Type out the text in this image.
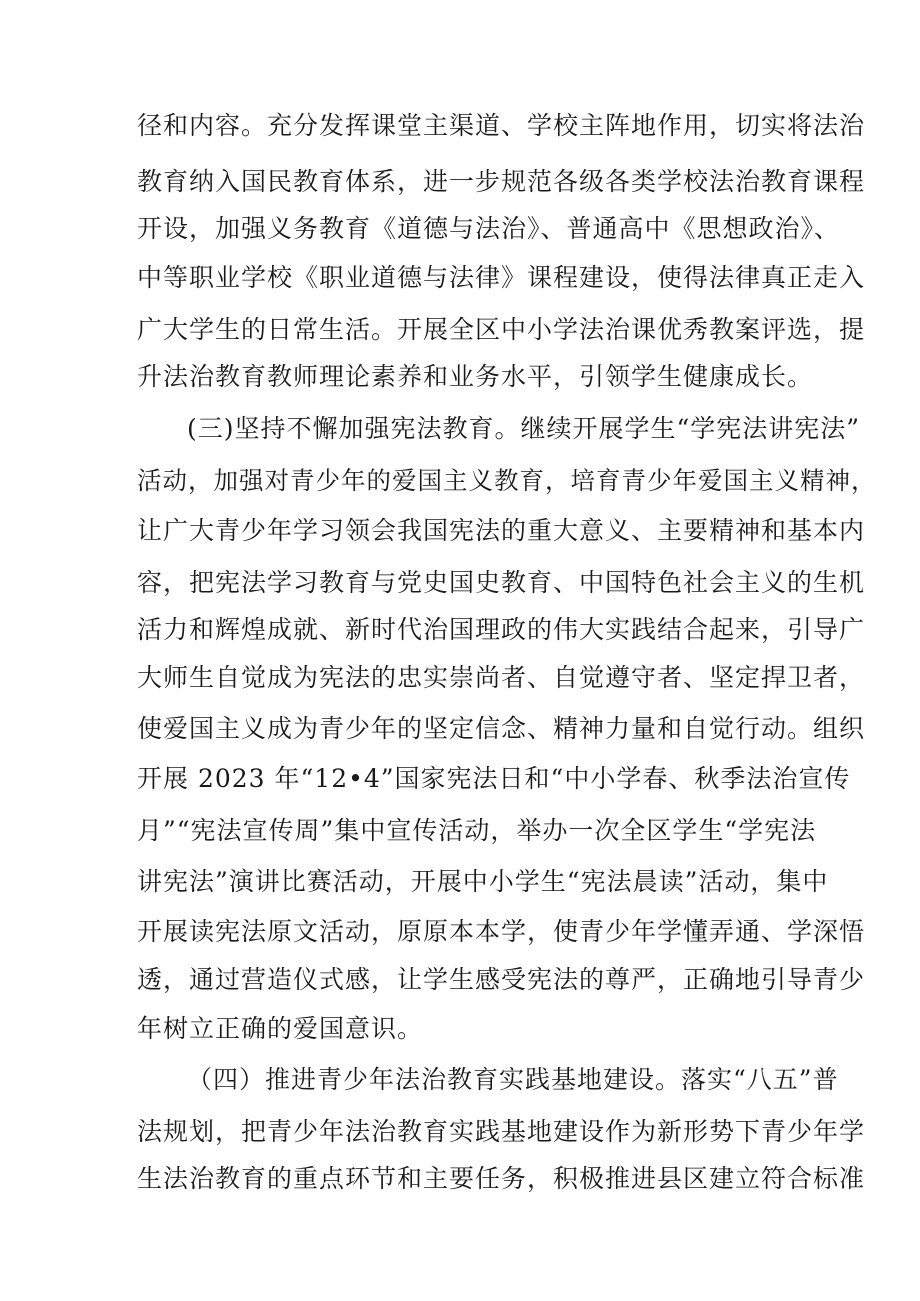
径和内容。充分发挥课堂主渠道、学校主阵地作用，切实将法治

教育纳入国民教育体系，进一步规范各级各类学校法治教育课程

开设，加强义务教育《道德与法治》、普通高中《思想政治》、

中等职业学校《职业道德与法律》课程建设，使得法律真正走入

广大学生的日常生活。开展全区中小学法治课优秀教案评选，提

升法治教育教师理论素养和业务水平，引领学生健康成长。

(三)坚持不懈加强宪法教育。继续开展学生“学宪法讲宪法”

活动，加强对青少年的爱国主义教育，培育青少年爱国主义精神，

让广大青少年学习领会我国宪法的重大意义、主要精神和基本内

容，把宪法学习教育与党史国史教育、中国特色社会主义的生机

活力和辉煌成就、新时代治国理政的伟大实践结合起来，引导广

大师生自觉成为宪法的忠实崇尚者、自觉遵守者、坚定捍卫者，

使爱国主义成为青少年的坚定信念、精神力量和自觉行动。组织

开展 2023 年“12•4”国家宪法日和“中小学春、秋季法治宣传

月”“宪法宣传周”集中宣传活动，举办一次全区学生“学宪法

讲宪法”演讲比赛活动，开展中小学生“宪法晨读”活动，集中

开展读宪法原文活动，原原本本学，使青少年学懂弄通、学深悟

透，通过营造仪式感，让学生感受宪法的尊严，正确地引导青少

年树立正确的爱国意识。

（四）推进青少年法治教育实践基地建设。落实“八五”普

法规划，把青少年法治教育实践基地建设作为新形势下青少年学

生法治教育的重点环节和主要任务，积极推进县区建立符合标准
